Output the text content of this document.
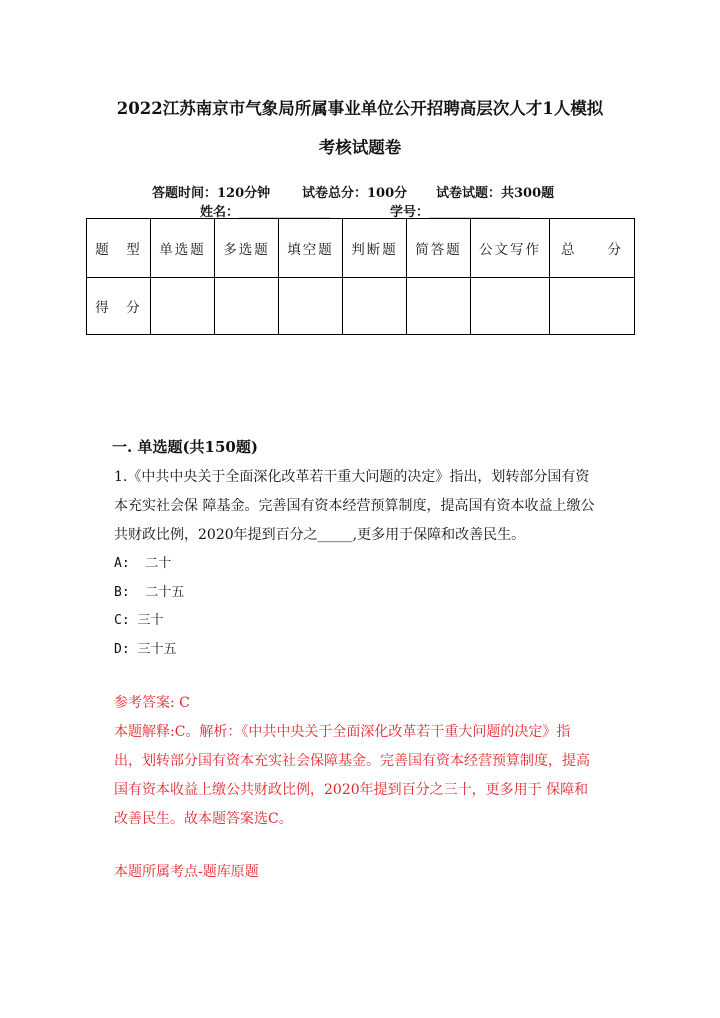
2022江苏南京市气象局所属事业单位公开招聘高层次人才1人模拟
考核试题卷
答题时间：120分钟 试卷总分：100分 试卷试题：共300题
姓名：______________	学号：______________
题　型	单选题	多选题	填空题	判断题	简答题	公文写作	总　　分
得　分							
一. 单选题(共150题)
1.《中共中央关于全面深化改革若干重大问题的决定》指出，划转部分国有资
本充实社会保 障基金。完善国有资本经营预算制度，提高国有资本收益上缴公
共财政比例，2020年提到百分之_____,更多用于保障和改善民生。
A:  二十
B:  二十五
C: 三十
D: 三十五
参考答案: C
本题解释:C。解析：《中共中央关于全面深化改革若干重大问题的决定》指
出，划转部分国有资本充实社会保障基金。完善国有资本经营预算制度，提高
国有资本收益上缴公共财政比例，2020年提到百分之三十，更多用于 保障和
改善民生。故本题答案选C。
本题所属考点-题库原题
